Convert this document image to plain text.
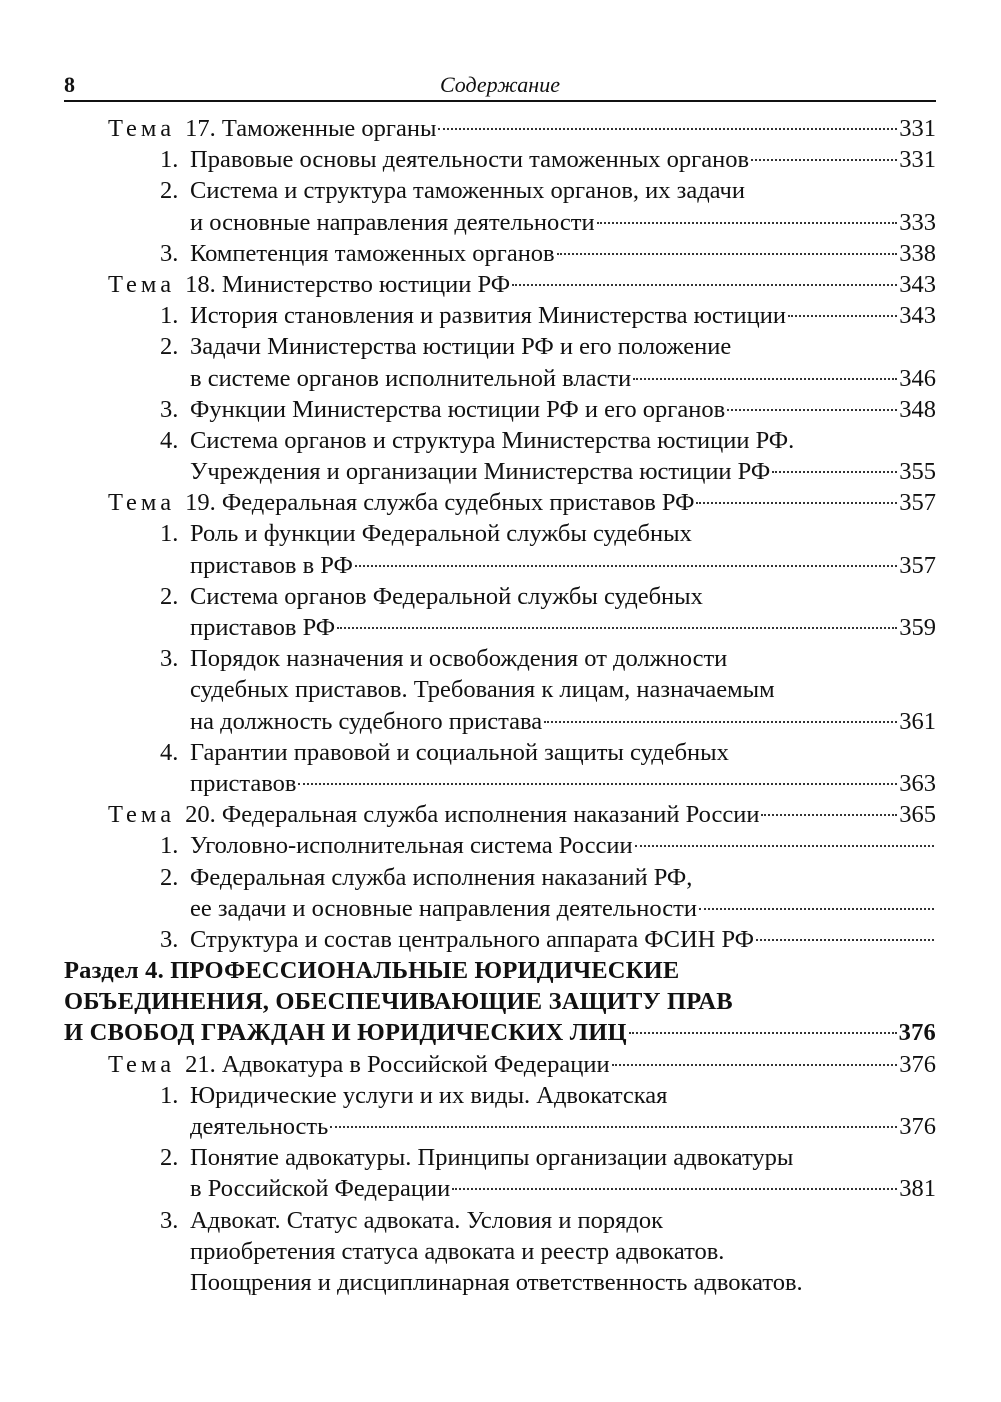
8	Содержание
Тема 17. Таможенные органы	331
1. Правовые основы деятельности таможенных органов	331
2. Система и структура таможенных органов, их задачи
и основные направления деятельности	333
3. Компетенция таможенных органов	338
Тема 18. Министерство юстиции РФ	343
1. История становления и развития Министерства юстиции	343
2. Задачи Министерства юстиции РФ и его положение
в системе органов исполнительной власти	346
3. Функции Министерства юстиции РФ и его органов	348
4. Система органов и структура Министерства юстиции РФ.
Учреждения и организации Министерства юстиции РФ	355
Тема 19. Федеральная служба судебных приставов РФ	357
1. Роль и функции Федеральной службы судебных
приставов в РФ	357
2. Система органов Федеральной службы судебных
приставов РФ	359
3. Порядок назначения и освобождения от должности
судебных приставов. Требования к лицам, назначаемым
на должность судебного пристава	361
4. Гарантии правовой и социальной защиты судебных
приставов	363
Тема 20. Федеральная служба исполнения наказаний России	365
1. Уголовно-исполнительная система России
2. Федеральная служба исполнения наказаний РФ,
ее задачи и основные направления деятельности
3. Структура и состав центрального аппарата ФСИН РФ
Раздел 4. ПРОФЕССИОНАЛЬНЫЕ ЮРИДИЧЕСКИЕ
ОБЪЕДИНЕНИЯ, ОБЕСПЕЧИВАЮЩИЕ ЗАЩИТУ ПРАВ
И СВОБОД ГРАЖДАН И ЮРИДИЧЕСКИХ ЛИЦ	376
Тема 21. Адвокатура в Российской Федерации	376
1. Юридические услуги и их виды. Адвокатская
деятельность	376
2. Понятие адвокатуры. Принципы организации адвокатуры
в Российской Федерации	381
3. Адвокат. Статус адвоката. Условия и порядок
приобретения статуса адвоката и реестр адвокатов.
Поощрения и дисциплинарная ответственность адвокатов.
